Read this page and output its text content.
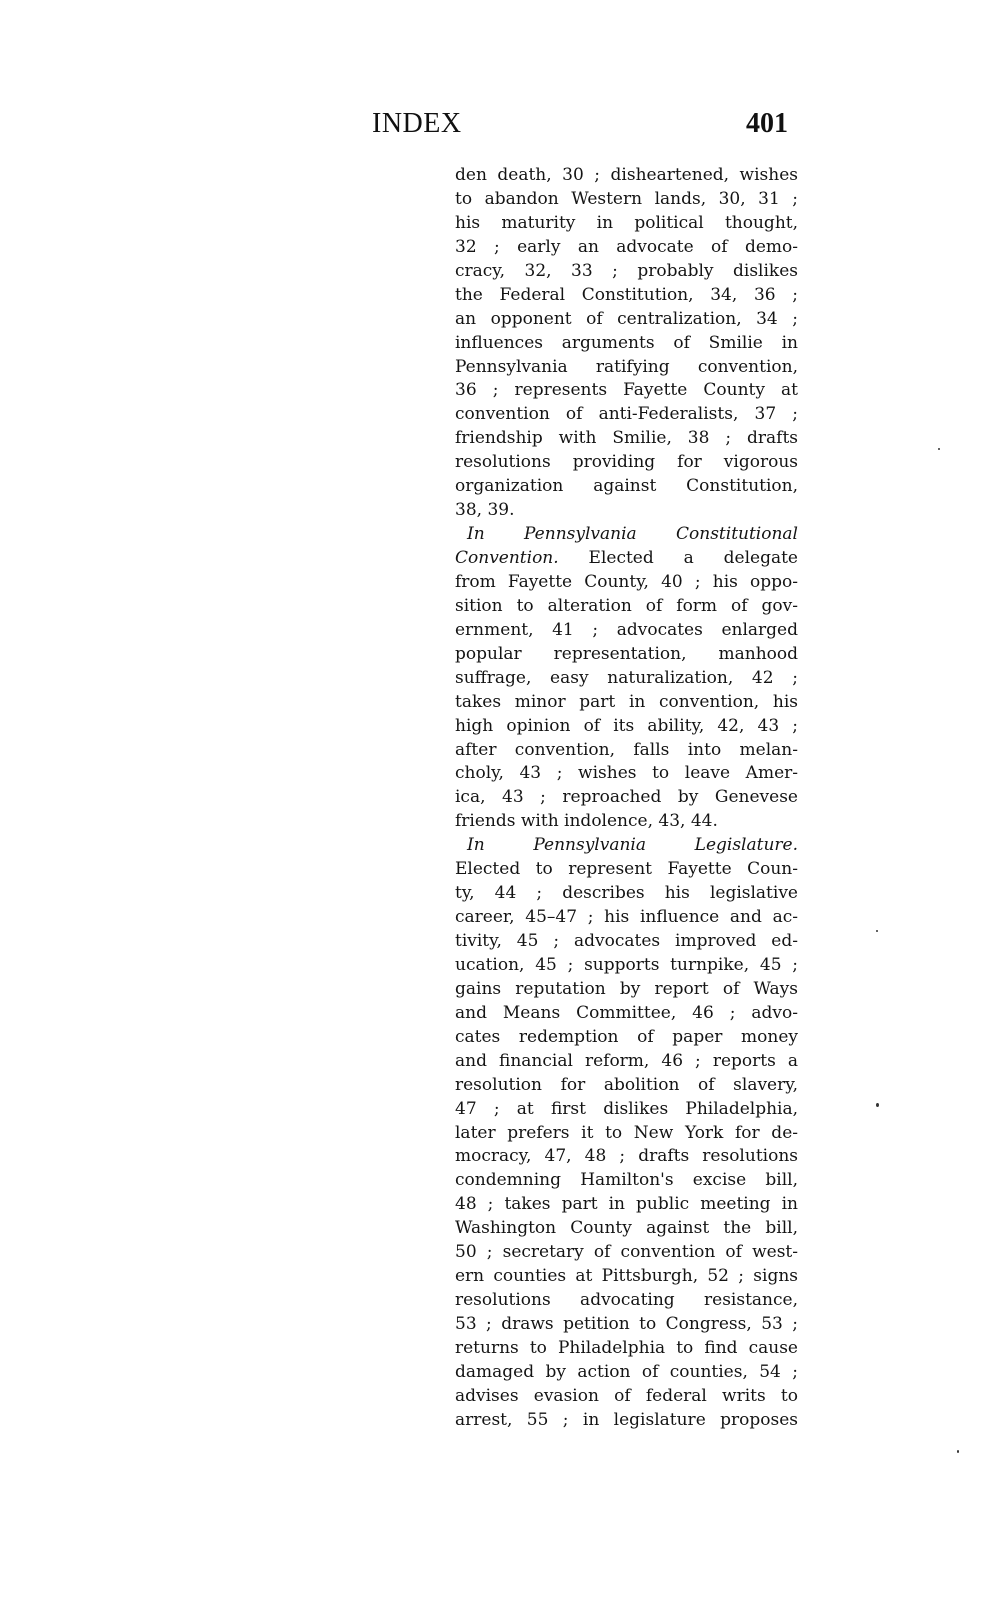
INDEX	401
den death, 30 ; disheartened, wishes
to abandon Western lands, 30, 31 ;
his maturity in political thought,
32 ; early an advocate of demo-
cracy, 32, 33 ; probably dislikes
the Federal Constitution, 34, 36 ;
an opponent of centralization, 34 ;
influences arguments of Smilie in
Pennsylvania ratifying convention,
36 ; represents Fayette County at
convention of anti-Federalists, 37 ;
friendship with Smilie, 38 ; drafts
resolutions providing for vigorous
organization against Constitution,
38, 39.
In Pennsylvania Constitutional
Convention. Elected a delegate
from Fayette County, 40 ; his oppo-
sition to alteration of form of gov-
ernment, 41 ; advocates enlarged
popular representation, manhood
suffrage, easy naturalization, 42 ;
takes minor part in convention, his
high opinion of its ability, 42, 43 ;
after convention, falls into melan-
choly, 43 ; wishes to leave Amer-
ica, 43 ; reproached by Genevese
friends with indolence, 43, 44.
In Pennsylvania Legislature.
Elected to represent Fayette Coun-
ty, 44 ; describes his legislative
career, 45–47 ; his influence and ac-
tivity, 45 ; advocates improved ed-
ucation, 45 ; supports turnpike, 45 ;
gains reputation by report of Ways
and Means Committee, 46 ; advo-
cates redemption of paper money
and financial reform, 46 ; reports a
resolution for abolition of slavery,
47 ; at first dislikes Philadelphia,
later prefers it to New York for de-
mocracy, 47, 48 ; drafts resolutions
condemning Hamilton's excise bill,
48 ; takes part in public meeting in
Washington County against the bill,
50 ; secretary of convention of west-
ern counties at Pittsburgh, 52 ; signs
resolutions advocating resistance,
53 ; draws petition to Congress, 53 ;
returns to Philadelphia to find cause
damaged by action of counties, 54 ;
advises evasion of federal writs to
arrest, 55 ; in legislature proposes
